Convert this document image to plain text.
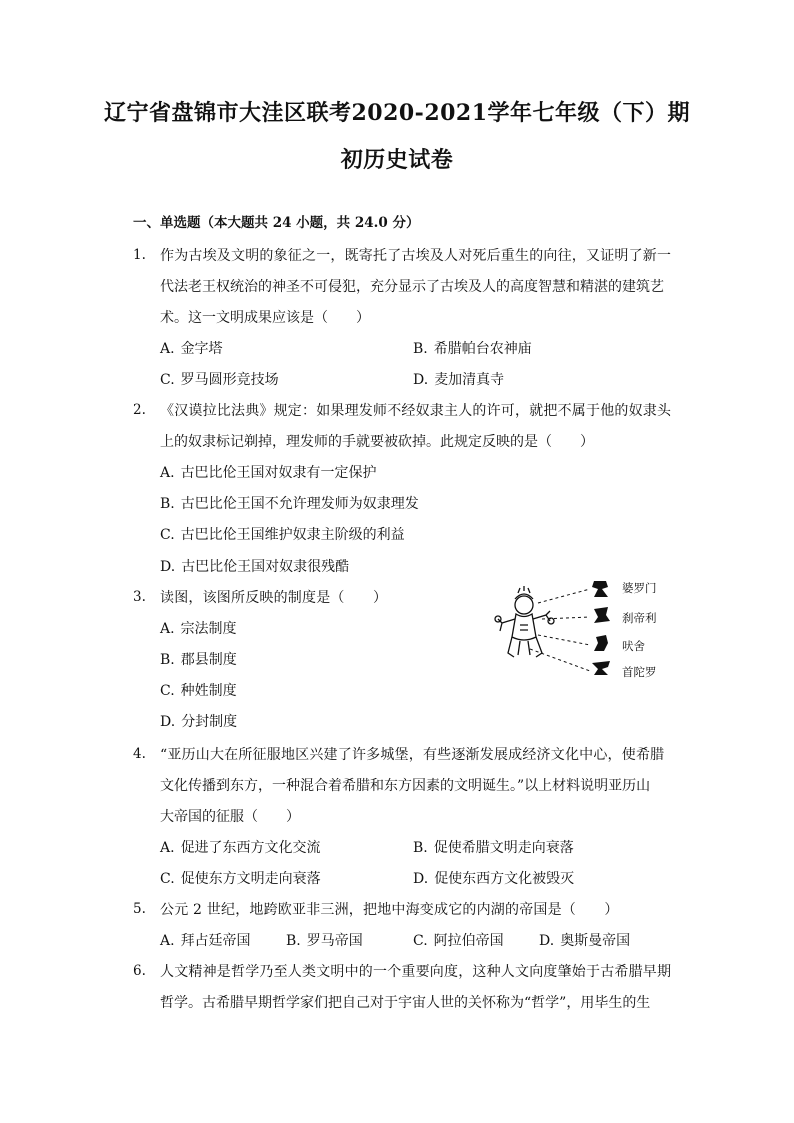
辽宁省盘锦市大洼区联考2020-2021学年七年级（下）期
初历史试卷
一、单选题（本大题共 24 小题，共 24.0 分）
1. 作为古埃及文明的象征之一，既寄托了古埃及人对死后重生的向往，又证明了新一
代法老王权统治的神圣不可侵犯，充分显示了古埃及人的高度智慧和精湛的建筑艺
术。这一文明成果应该是（　　）
A. 金字塔	B. 希腊帕台农神庙
C. 罗马圆形竞技场	D. 麦加清真寺
2. 《汉谟拉比法典》规定：如果理发师不经奴隶主人的许可，就把不属于他的奴隶头
上的奴隶标记剃掉，理发师的手就要被砍掉。此规定反映的是（　　）
A. 古巴比伦王国对奴隶有一定保护
B. 古巴比伦王国不允许理发师为奴隶理发
C. 古巴比伦王国维护奴隶主阶级的利益
D. 古巴比伦王国对奴隶很残酷
3. 读图，该图所反映的制度是（　　）
A. 宗法制度
B. 郡县制度
C. 种姓制度
D. 分封制度
婆罗门
刹帝利
吠舍
首陀罗
4. “亚历山大在所征服地区兴建了许多城堡，有些逐渐发展成经济文化中心，使希腊
文化传播到东方，一种混合着希腊和东方因素的文明诞生。”以上材料说明亚历山
大帝国的征服（　　）
A. 促进了东西方文化交流	B. 促使希腊文明走向衰落
C. 促使东方文明走向衰落	D. 促使东西方文化被毁灭
5. 公元 2 世纪，地跨欧亚非三洲，把地中海变成它的内湖的帝国是（　　）
A. 拜占廷帝国	B. 罗马帝国	C. 阿拉伯帝国	D. 奥斯曼帝国
6. 人文精神是哲学乃至人类文明中的一个重要向度，这种人文向度肇始于古希腊早期
哲学。古希腊早期哲学家们把自己对于宇宙人世的关怀称为“哲学”，用毕生的生
